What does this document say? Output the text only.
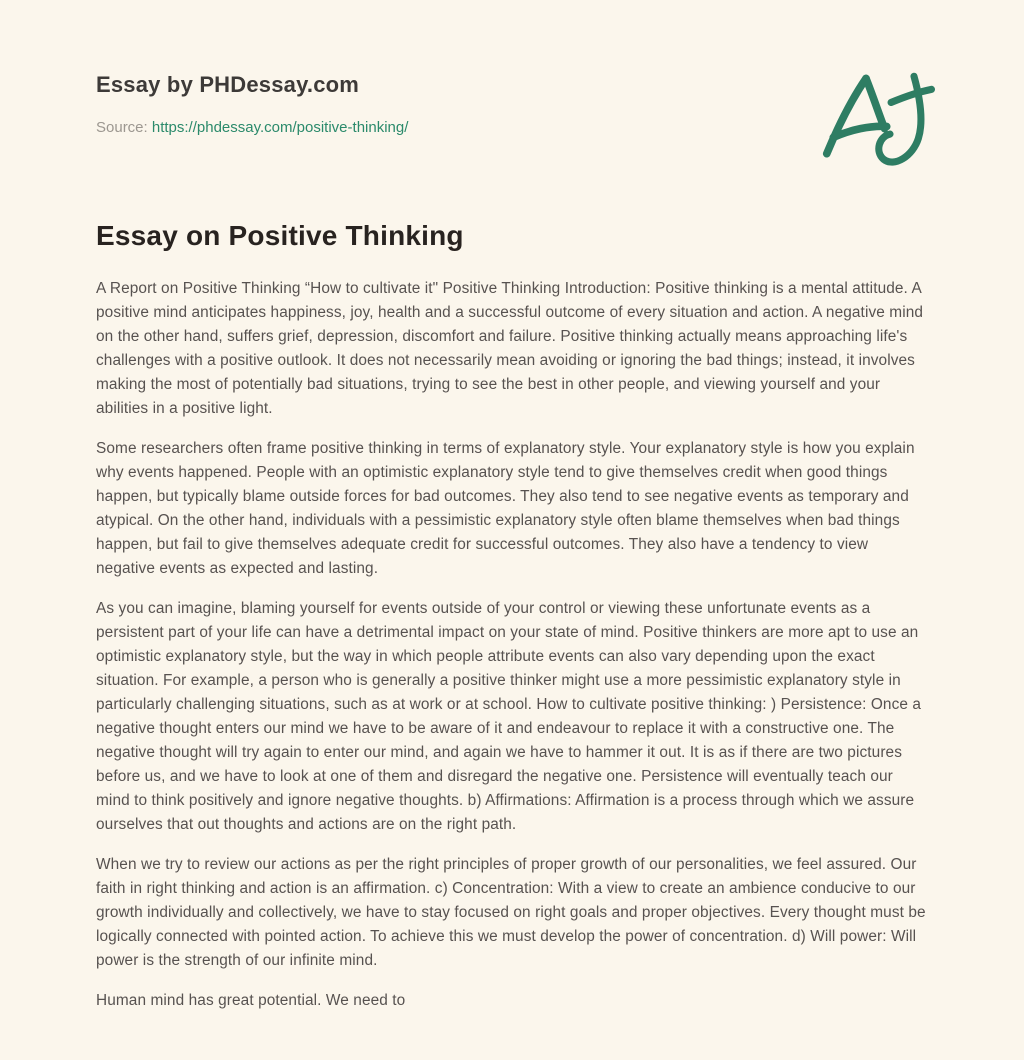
Essay by PHDessay.com
Source: https://phdessay.com/positive-thinking/
Essay on Positive Thinking

A Report on Positive Thinking “How to cultivate it" Positive Thinking Introduction: Positive thinking is a mental attitude. A positive mind anticipates happiness, joy, health and a successful outcome of every situation and action. A negative mind on the other hand, suffers grief, depression, discomfort and failure. Positive thinking actually means approaching life's challenges with a positive outlook. It does not necessarily mean avoiding or ignoring the bad things; instead, it involves making the most of potentially bad situations, trying to see the best in other people, and viewing yourself and your abilities in a positive light.

Some researchers often frame positive thinking in terms of explanatory style. Your explanatory style is how you explain why events happened. People with an optimistic explanatory style tend to give themselves credit when good things happen, but typically blame outside forces for bad outcomes. They also tend to see negative events as temporary and atypical. On the other hand, individuals with a pessimistic explanatory style often blame themselves when bad things happen, but fail to give themselves adequate credit for successful outcomes. They also have a tendency to view negative events as expected and lasting.

As you can imagine, blaming yourself for events outside of your control or viewing these unfortunate events as a persistent part of your life can have a detrimental impact on your state of mind. Positive thinkers are more apt to use an optimistic explanatory style, but the way in which people attribute events can also vary depending upon the exact situation. For example, a person who is generally a positive thinker might use a more pessimistic explanatory style in particularly challenging situations, such as at work or at school. How to cultivate positive thinking: ) Persistence: Once a negative thought enters our mind we have to be aware of it and endeavour to replace it with a constructive one. The negative thought will try again to enter our mind, and again we have to hammer it out. It is as if there are two pictures before us, and we have to look at one of them and disregard the negative one. Persistence will eventually teach our mind to think positively and ignore negative thoughts. b) Affirmations: Affirmation is a process through which we assure ourselves that out thoughts and actions are on the right path.

When we try to review our actions as per the right principles of proper growth of our personalities, we feel assured. Our faith in right thinking and action is an affirmation. c) Concentration: With a view to create an ambience conducive to our growth individually and collectively, we have to stay focused on right goals and proper objectives. Every thought must be logically connected with pointed action. To achieve this we must develop the power of concentration. d) Will power: Will power is the strength of our infinite mind.

Human mind has great potential. We need to
